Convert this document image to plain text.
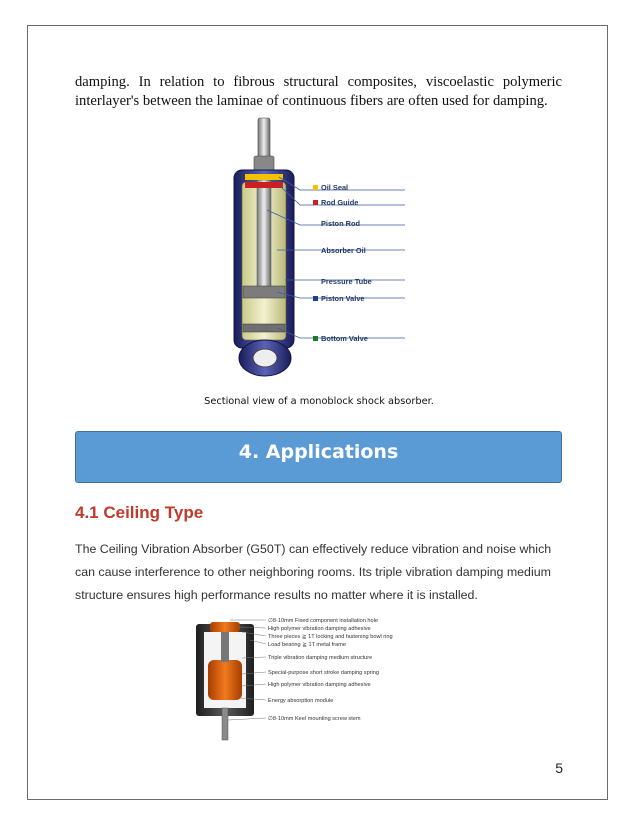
damping. In relation to fibrous structural composites, viscoelastic polymeric interlayer's between the laminae of continuous fibers are often used for damping.

Oil Seal
Rod Guide
Piston Rod
Absorber Oil
Pressure Tube
Piston Valve
Bottom Valve

Sectional view of a monoblock shock absorber.

4. Applications
4.1 Ceiling Type

The Ceiling Vibration Absorber (G50T) can effectively reduce vibration and noise which can cause interference to other neighboring rooms. Its triple vibration damping medium structure ensures high performance results no matter where it is installed.

∅8-10mm Fixed component installation hole
High polymer vibration damping adhesive
Three pieces ≧ 1T locking and fastening bowl ring
Load bearing ≧ 1T metal frame
Triple vibration damping medium structure
Special-purpose short stroke damping spring
High polymer vibration damping adhesive
Energy absorption module
∅8-10mm Keel mounting screw stem

5
